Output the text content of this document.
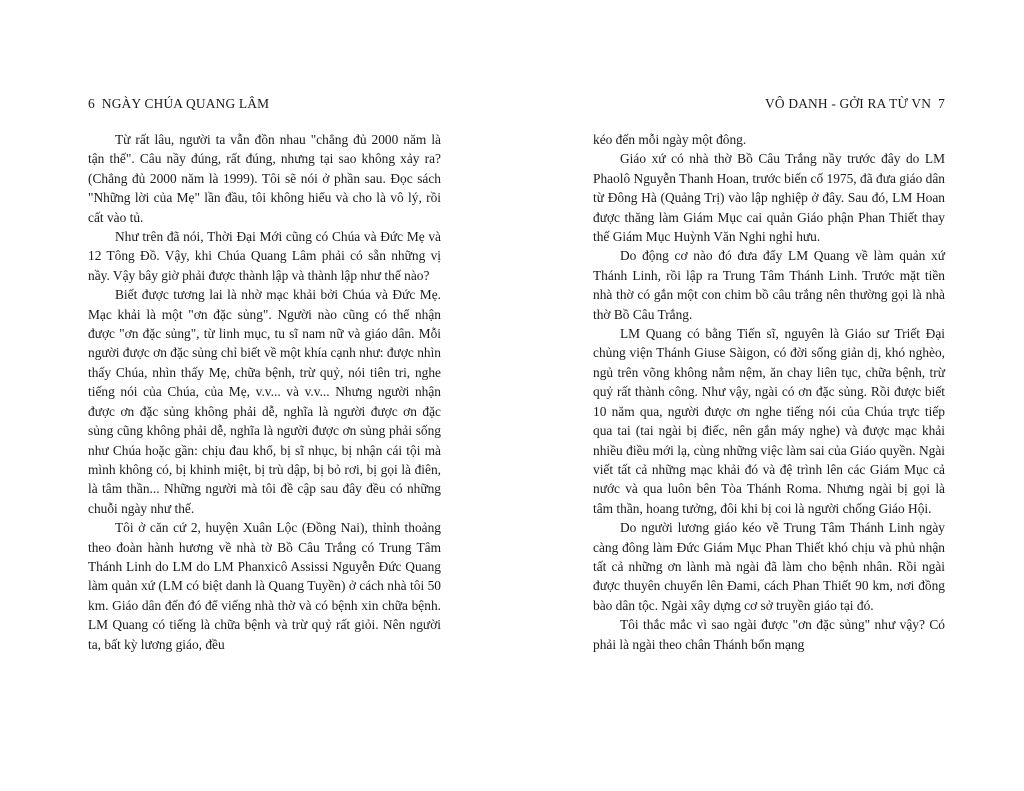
6 NGÀY CHÚA QUANG LÂM

Từ rất lâu, người ta vẫn đồn nhau "chẳng đủ 2000 năm là tận thế". Câu nầy đúng, rất đúng, nhưng tại sao không xảy ra? (Chẳng đủ 2000 năm là 1999). Tôi sẽ nói ở phần sau. Đọc sách "Những lời của Mẹ" lần đầu, tôi không hiểu và cho là vô lý, rồi cất vào tủ.

Như trên đã nói, Thời Đại Mới cũng có Chúa và Đức Mẹ và 12 Tông Đồ. Vậy, khi Chúa Quang Lâm phải có sẵn những vị nầy. Vậy bây giờ phải được thành lập và thành lập như thế nào?

Biết được tương lai là nhờ mạc khải bởi Chúa và Đức Mẹ. Mạc khải là một "ơn đặc sủng". Người nào cũng có thể nhận được "ơn đặc sủng", từ linh mục, tu sĩ nam nữ và giáo dân. Mỗi người được ơn đặc sủng chỉ biết về một khía cạnh như: được nhìn thấy Chúa, nhìn thấy Mẹ, chữa bệnh, trừ quỷ, nói tiên tri, nghe tiếng nói của Chúa, của Mẹ, v.v... và v.v... Nhưng người nhận được ơn đặc sủng không phải dễ, nghĩa là người được ơn đặc sủng cũng không phải dễ, nghĩa là người được ơn sủng phải sống như Chúa hoặc gần: chịu đau khổ, bị sĩ nhục, bị nhận cái tội mà mình không có, bị khinh miệt, bị trù dập, bị bỏ rơi, bị gọi là điên, là tâm thần... Những người mà tôi đề cập sau đây đều có những chuỗi ngày như thế.

Tôi ở căn cứ 2, huyện Xuân Lộc (Đồng Nai), thỉnh thoảng theo đoàn hành hương về nhà tờ Bồ Câu Trắng có Trung Tâm Thánh Linh do LM do LM Phanxicô Assissi Nguyễn Đức Quang làm quản xứ (LM có biệt danh là Quang Tuyền) ở cách nhà tôi 50 km. Giáo dân đến đó để viếng nhà thờ và có bệnh xin chữa bệnh. LM Quang có tiếng là chữa bệnh và trừ quỷ rất giỏi. Nên người ta, bất kỳ lương giáo, đều

VÔ DANH - GỞI RA TỪ VN 7

kéo đến mỗi ngày một đông.

Giáo xứ có nhà thờ Bồ Câu Trắng nầy trước đây do LM Phaolô Nguyễn Thanh Hoan, trước biến cố 1975, đã đưa giáo dân từ Đông Hà (Quảng Trị) vào lập nghiệp ở đây. Sau đó, LM Hoan được thăng làm Giám Mục cai quản Giáo phận Phan Thiết thay thế Giám Mục Huỳnh Văn Nghi nghỉ hưu.

Do động cơ nào đó đưa đẩy LM Quang về làm quản xứ Thánh Linh, rồi lập ra Trung Tâm Thánh Linh. Trước mặt tiền nhà thờ có gắn một con chim bồ câu trắng nên thường gọi là nhà thờ Bồ Câu Trắng.

LM Quang có bằng Tiến sĩ, nguyên là Giáo sư Triết Đại chủng viện Thánh Giuse Sàigon, có đời sống giản dị, khó nghèo, ngủ trên võng không nằm nệm, ăn chay liên tục, chữa bệnh, trừ quỷ rất thành công. Như vậy, ngài có ơn đặc sủng. Rồi được biết 10 năm qua, người được ơn nghe tiếng nói của Chúa trực tiếp qua tai (tai ngài bị điếc, nên gắn máy nghe) và được mạc khải nhiều điều mới lạ, cùng những việc làm sai của Giáo quyền. Ngài viết tất cả những mạc khải đó và đệ trình lên các Giám Mục cả nước và qua luôn bên Tòa Thánh Roma. Nhưng ngài bị gọi là tâm thần, hoang tưởng, đôi khi bị coi là người chống Giáo Hội.

Do người lương giáo kéo về Trung Tâm Thánh Linh ngày càng đông làm Đức Giám Mục Phan Thiết khó chịu và phủ nhận tất cả những ơn lành mà ngài đã làm cho bệnh nhân. Rồi ngài được thuyên chuyển lên Đami, cách Phan Thiết 90 km, nơi đồng bào dân tộc. Ngài xây dựng cơ sở truyền giáo tại đó.

Tôi thắc mắc vì sao ngài được "ơn đặc sủng" như vậy? Có phải là ngài theo chân Thánh bổn mạng
